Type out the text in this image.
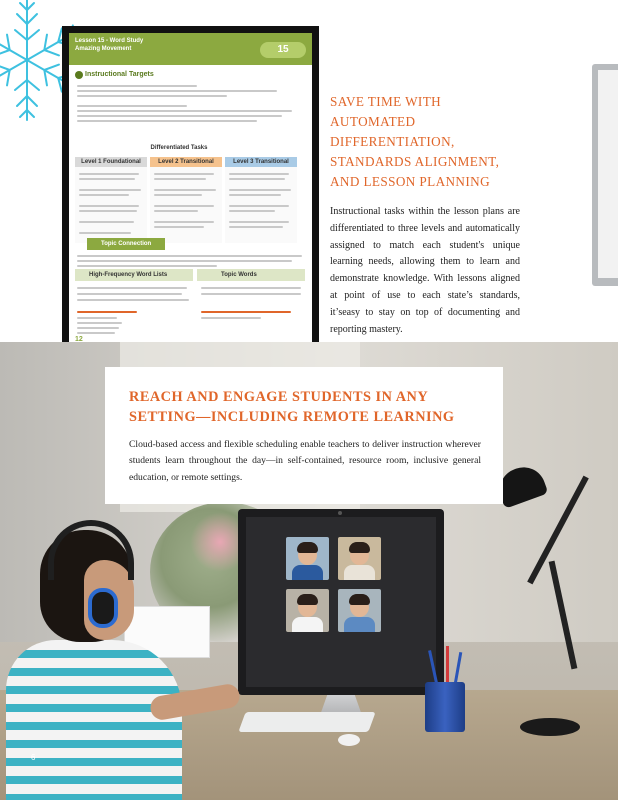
Lesson 15 - Word Study
Amazing Movement	15
Instructional Targets
Differentiated Tasks
Level 1 Foundational	Level 2 Transitional	Level 3 Transitional
Topic Connection
High-Frequency Word Lists	Topic Words
12
SAVE TIME WITH AUTOMATED DIFFERENTIATION, STANDARDS ALIGNMENT, AND LESSON PLANNING

Instructional tasks within the lesson plans are differentiated to three levels and automatically assigned to match each student's unique learning needs, allowing them to learn and demonstrate knowledge. With lessons aligned at point of use to each state’s standards, it’seasy to stay on top of documenting and reporting mastery.

REACH AND ENGAGE STUDENTS IN ANY SETTING—INCLUDING REMOTE LEARNING

Cloud-based access and flexible scheduling enable teachers to deliver instruction wherever students learn throughout the day—in self-contained, resource room, inclusive general education, or remote settings.

6
